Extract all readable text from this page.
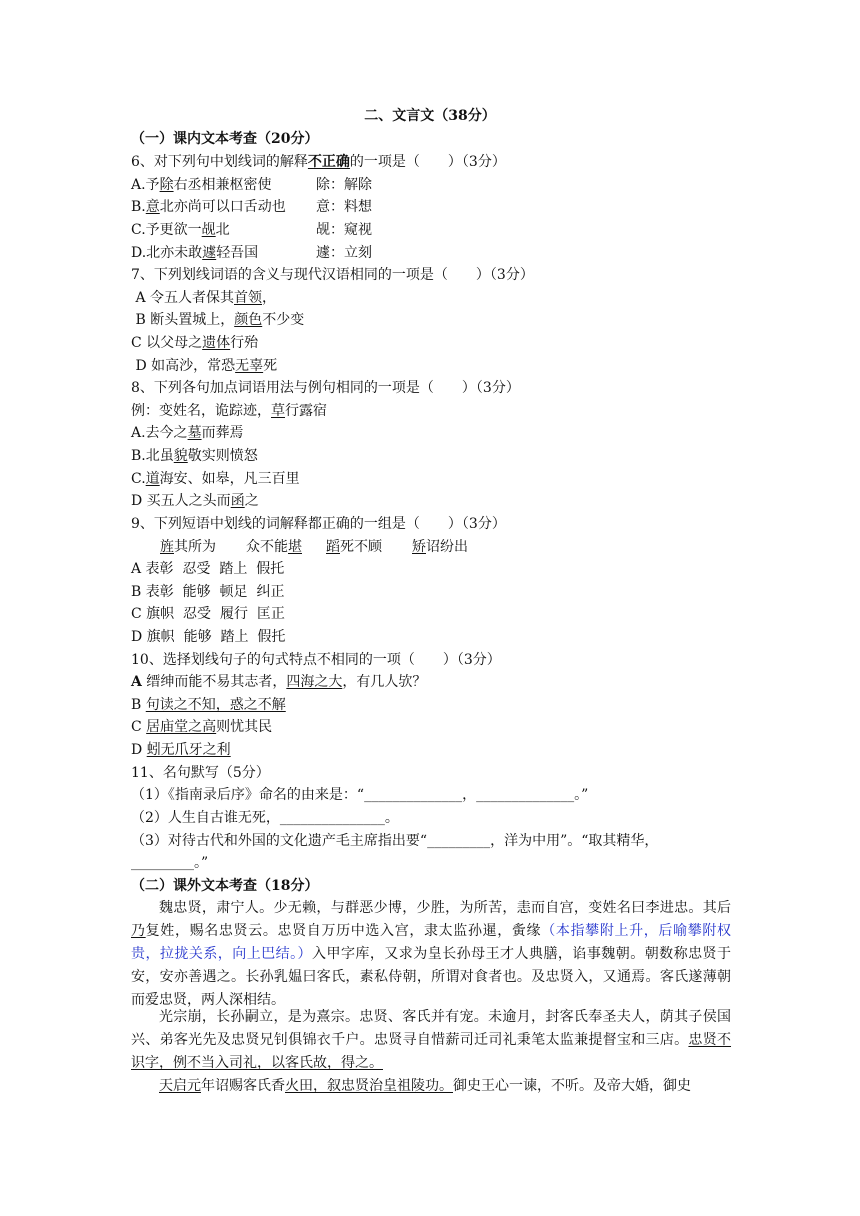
二、文言文（38分）
（一）课内文本考查（20分）
6、对下列句中划线词的解释不正确的一项是（　　）（3分）
A.予除右丞相兼枢密使	除：解除
B.意北亦尚可以口舌动也 意：料想
C.予更欲一觇北	觇：窥视
D.北亦未敢遽轻吾国	遽：立刻
7、下列划线词语的含义与现代汉语相同的一项是（　　）（3分）
A 令五人者保其首领，
B 断头置城上，颜色不少变
C 以父母之遗体行殆
D 如高沙，常恐无辜死
8、下列各句加点词语用法与例句相同的一项是（　　）（3分）
例：变姓名，诡踪迹，草行露宿
A.去今之墓而葬焉
B.北虽貌敬实则愤怒
C.道海安、如皋，凡三百里
D 买五人之头而函之
9、下列短语中划线的词解释都正确的一组是（　　）（3分）
旌其所为 众不能堪 蹈死不顾 矫诏纷出
A 表彰  忍受  踏上  假托
B 表彰  能够  顿足  纠正
C 旗帜  忍受  履行  匡正
D 旗帜  能够  踏上  假托
10、选择划线句子的句式特点不相同的一项（　　）（3分）
A 缙绅而能不易其志者，四海之大，有几人欤？
B 句读之不知，惑之不解
C 居庙堂之高则忧其民
D 蚓无爪牙之利
11、名句默写（5分）
（1）《指南录后序》命名的由来是：“______________，______________。”
（2）人生自古谁无死，_______________。
（3）对待古代和外国的文化遗产毛主席指出要“_________，洋为中用”。“取其精华，
_________。”
（二）课外文本考查（18分）
魏忠贤，肃宁人。少无赖，与群恶少博，少胜，为所苦，恚而自宫，变姓名曰李进忠。其后乃复姓，赐名忠贤云。忠贤自万历中选入宫，隶太监孙暹，夤缘（本指攀附上升，后喻攀附权贵，拉拢关系，向上巴结。）入甲字库，又求为皇长孙母王才人典膳，谄事魏朝。朝数称忠贤于安，安亦善遇之。长孙乳媪曰客氏，素私侍朝，所谓对食者也。及忠贤入，又通焉。客氏遂薄朝而爱忠贤，两人深相结。
光宗崩，长孙嗣立，是为熹宗。忠贤、客氏并有宠。未逾月，封客氏奉圣夫人，荫其子侯国兴、弟客光先及忠贤兄钊俱锦衣千户。忠贤寻自惜薪司迁司礼秉笔太监兼提督宝和三店。忠贤不识字，例不当入司礼，以客氏故，得之。
天启元年诏赐客氏香火田，叙忠贤治皇祖陵功。御史王心一谏，不听。及帝大婚，御史
